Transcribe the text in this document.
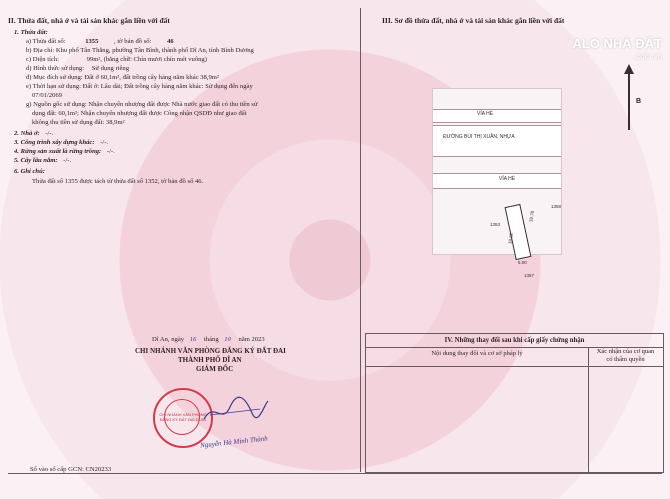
II. Thửa đất, nhà ở và tài sản khác gắn liền với đất
1. Thửa đất:
a) Thửa đất số:	1355 , tờ bản đồ số: 46
b) Địa chỉ: Khu phố Tân Thắng, phường Tân Bình, thành phố Dĩ An, tỉnh Bình Dương
c) Diện tích:	99m², (bằng chữ: Chín mươi chín mét vuông)
d) Hình thức sử dụng: Sử dụng riêng
đ) Mục đích sử dụng: Đất ở 60,1m², đất trồng cây hàng năm khác 38,9m²
e) Thời hạn sử dụng: Đất ở: Lâu dài; Đất trồng cây hàng năm khác: Sử dụng đến ngày
07/01/2069
g) Nguồn gốc sử dụng: Nhận chuyển nhượng đất được Nhà nước giao đất có thu tiền sử
dụng đất: 60,1m²; Nhận chuyển nhượng đất được Công nhận QSDĐ như giao đất
không thu tiền sử dụng đất: 38,9m²
2. Nhà ở: -/-.
3. Công trình xây dựng khác: -/-.
4. Rừng sản xuất là rừng trồng: -/-.
5. Cây lâu năm: -/-.
6. Ghi chú:
Thửa đất số 1355 được tách từ thửa đất số 1352, tờ bản đồ số 46.
III. Sơ đồ thửa đất, nhà ở và tài sản khác gắn liền với đất
ALO NHÀ ĐẤT
.com.vn
B
VỈA HÈ
ĐƯỜNG BÙI THỊ XUÂN, NHỰA
VỈA HÈ
1353
1358
1357
19.78
5.00
19.82
Dĩ An, ngày 16 tháng 10 năm 2023
CHI NHÁNH VĂN PHÒNG ĐĂNG KÝ ĐẤT ĐAI
THÀNH PHỐ DĨ AN
GIÁM ĐỐC
CHI NHÁNH VĂN PHÒNG ĐĂNG KÝ ĐẤT ĐAI DĨ AN
Nguyễn Hà Minh Thành
IV. Những thay đổi sau khi cấp giấy chứng nhận
Nội dung thay đổi và cơ sở pháp lý	Xác nhận của cơ quan
có thẩm quyền
Số vào sổ cấp GCN: CN20233
